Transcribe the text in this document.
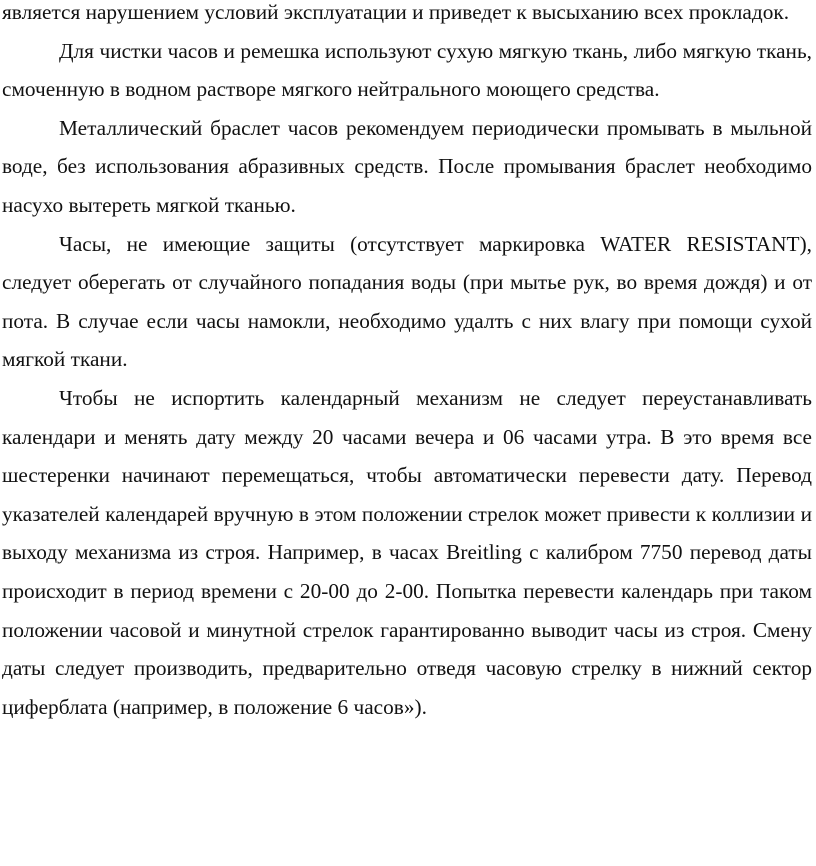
является нарушением условий эксплуатации и приведет к высыханию всех прокладок.

Для чистки часов и ремешка используют сухую мягкую ткань, либо мягкую ткань, смоченную в водном растворе мягкого нейтрального моющего средства.

Металлический браслет часов рекомендуем периодически промывать в мыльной воде, без использования абразивных средств. После промывания браслет необходимо насухо вытереть мягкой тканью.

Часы, не имеющие защиты (отсутствует маркировка WATER RESISTANT), следует оберегать от случайного попадания воды (при мытье рук, во время дождя) и от пота. В случае если часы намокли, необходимо удалть с них влагу при помощи сухой мягкой ткани.

Чтобы не испортить календарный механизм не следует переустанавливать календари и менять дату между 20 часами вечера и 06 часами утра. В это время все шестеренки начинают перемещаться, чтобы автоматически перевести дату. Перевод указателей календарей вручную в этом положении стрелок может привести к коллизии и выходу механизма из строя. Например, в часах Breitling с калибром 7750 перевод даты происходит в период времени с 20-00 до 2-00. Попытка перевести календарь при таком положении часовой и минутной стрелок гарантированно выводит часы из строя. Смену даты следует производить, предварительно отведя часовую стрелку в нижний сектор циферблата (например, в положение 6 часов»).
